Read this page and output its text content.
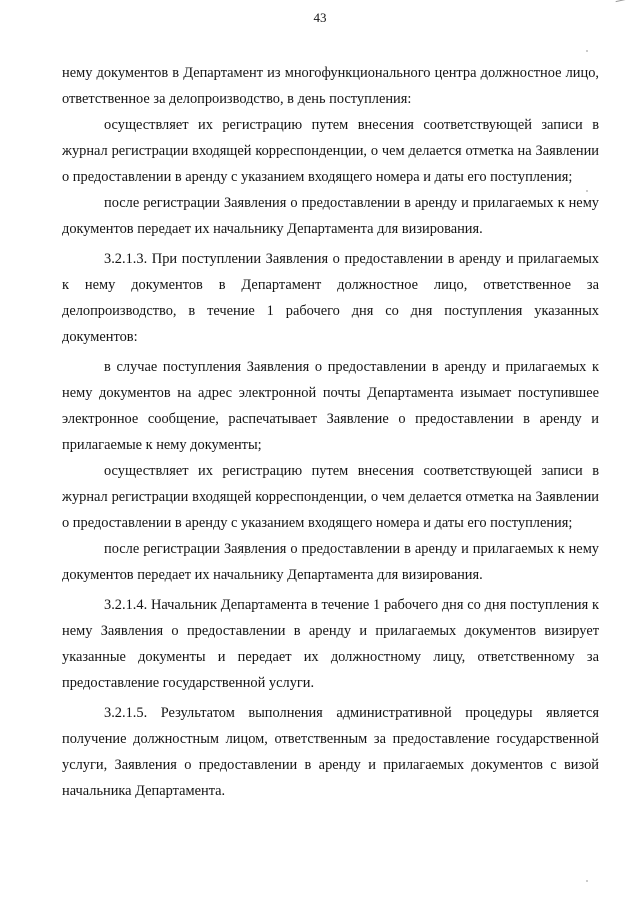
43

нему документов в Департамент из многофункционального центра должностное лицо, ответственное за делопроизводство, в день поступления:

осуществляет их регистрацию путем внесения соответствующей записи в журнал регистрации входящей корреспонденции, о чем делается отметка на Заявлении о предоставлении в аренду с указанием входящего номера и даты его поступления;

после регистрации Заявления о предоставлении в аренду и прилагаемых к нему документов передает их начальнику Департамента для визирования.

3.2.1.3. При поступлении Заявления о предоставлении в аренду и прилагаемых к нему документов в Департамент должностное лицо, ответственное за делопроизводство, в течение 1 рабочего дня со дня поступления указанных документов:

в случае поступления Заявления о предоставлении в аренду и прилагаемых к нему документов на адрес электронной почты Департамента изымает поступившее электронное сообщение, распечатывает Заявление о предоставлении в аренду и прилагаемые к нему документы;

осуществляет их регистрацию путем внесения соответствующей записи в журнал регистрации входящей корреспонденции, о чем делается отметка на Заявлении о предоставлении в аренду с указанием входящего номера и даты его поступления;

после регистрации Заявления о предоставлении в аренду и прилагаемых к нему документов передает их начальнику Департамента для визирования.

3.2.1.4. Начальник Департамента в течение 1 рабочего дня со дня поступления к нему Заявления о предоставлении в аренду и прилагаемых документов визирует указанные документы и передает их должностному лицу, ответственному за предоставление государственной услуги.

3.2.1.5. Результатом выполнения административной процедуры является получение должностным лицом, ответственным за предоставление государственной услуги, Заявления о предоставлении в аренду и прилагаемых документов с визой начальника Департамента.
